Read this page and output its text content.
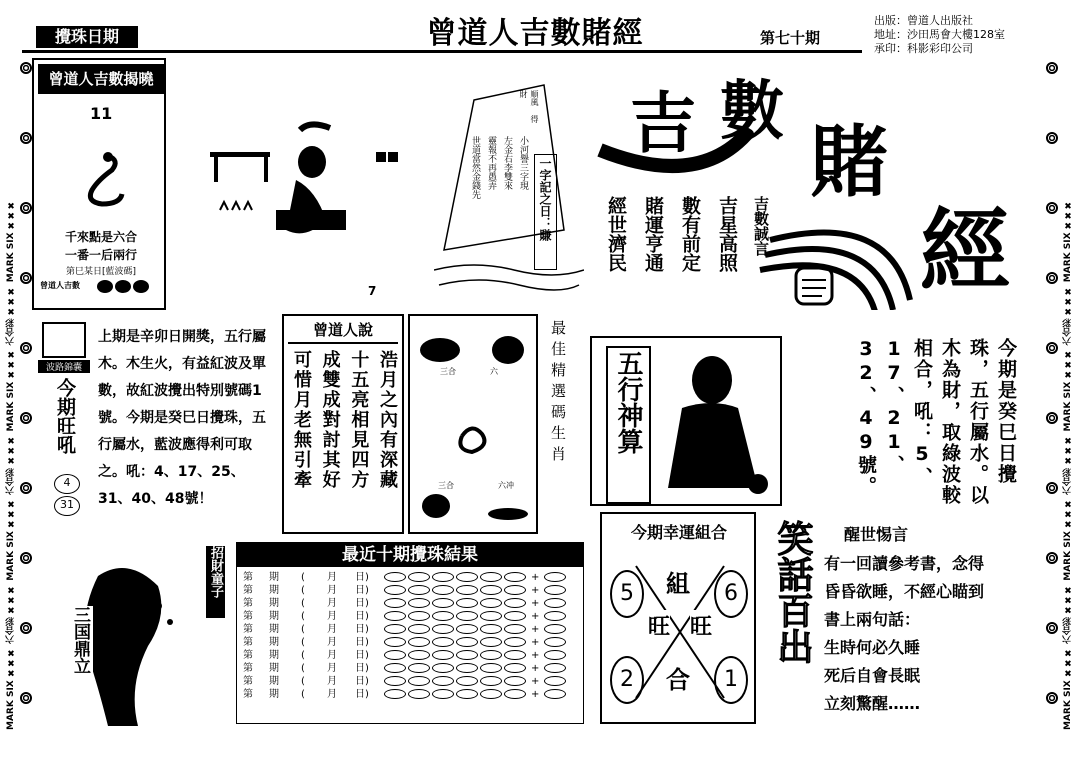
攪珠日期	曾道人吉數賭經	第七十期
出版：曾道人出版社
地址：沙田馬會大樓128室
承印：科影彩印公司
MARK SIX ✖✖✖ 六合彩 ✖✖✖ MARK SIX ✖✖✖ 六合彩 ✖✖✖ MARK SIX ✖✖✖ 六合彩 ✖✖✖ MARK SIX ✖✖✖	MARK SIX ✖✖✖ 六合彩 ✖✖✖ MARK SIX ✖✖✖ 六合彩 ✖✖✖ MARK SIX ✖✖✖ 六合彩 ✖✖✖ MARK SIX ✖✖✖
曾道人吉數揭曉
11
千來點是六合
一番一后兩行
第巳某日[藍波碼]
曾道人吉數	7
順風 得 財
一字記之日：賺
小河譽三字現
左金右李雙來
靈報不再愚弄
世道當然金錢先
吉 數
賭
經
吉數誠言
吉星高照
數有前定
賭運亨通
經世濟民
波路錦囊
今期旺吼
4
31
上期是辛卯日開獎，五行屬木。木生火，有益紅波及單數，故紅波攪出特別號碼1號。今期是癸巳日攪珠，五行屬水，藍波應得利可取之。吼：4、17、25、31、40、48號！
曾道人說
浩月之內有深藏
十五亮相見四方
成雙成對討其好
可惜月老無引牽	三合	六
三合	六冲
最佳精選碼生肖 五行神算	今期是癸巳日攪珠，五行屬水。以木為財，取綠波較相合，吼：5、17、21、32、49號。
三国鼎立
招財童子	最近十期攪珠結果
第	期	(	月	日)		+	
第	期	(	月	日)		+	
第	期	(	月	日)		+	
第	期	(	月	日)		+	
第	期	(	月	日)		+	
第	期	(	月	日)		+	
第	期	(	月	日)		+	
第	期	(	月	日)		+	
第	期	(	月	日)		+	
第	期	(	月	日)		+	
今期幸運組合
5	6
2	1
組
旺 旺
合
笑話百出 醒世惕言
有一回讀參考書，念得
昏昏欲睡，不經心瞄到
書上兩句話：
生時何必久睡
死后自會長眠
立刻驚醒……
